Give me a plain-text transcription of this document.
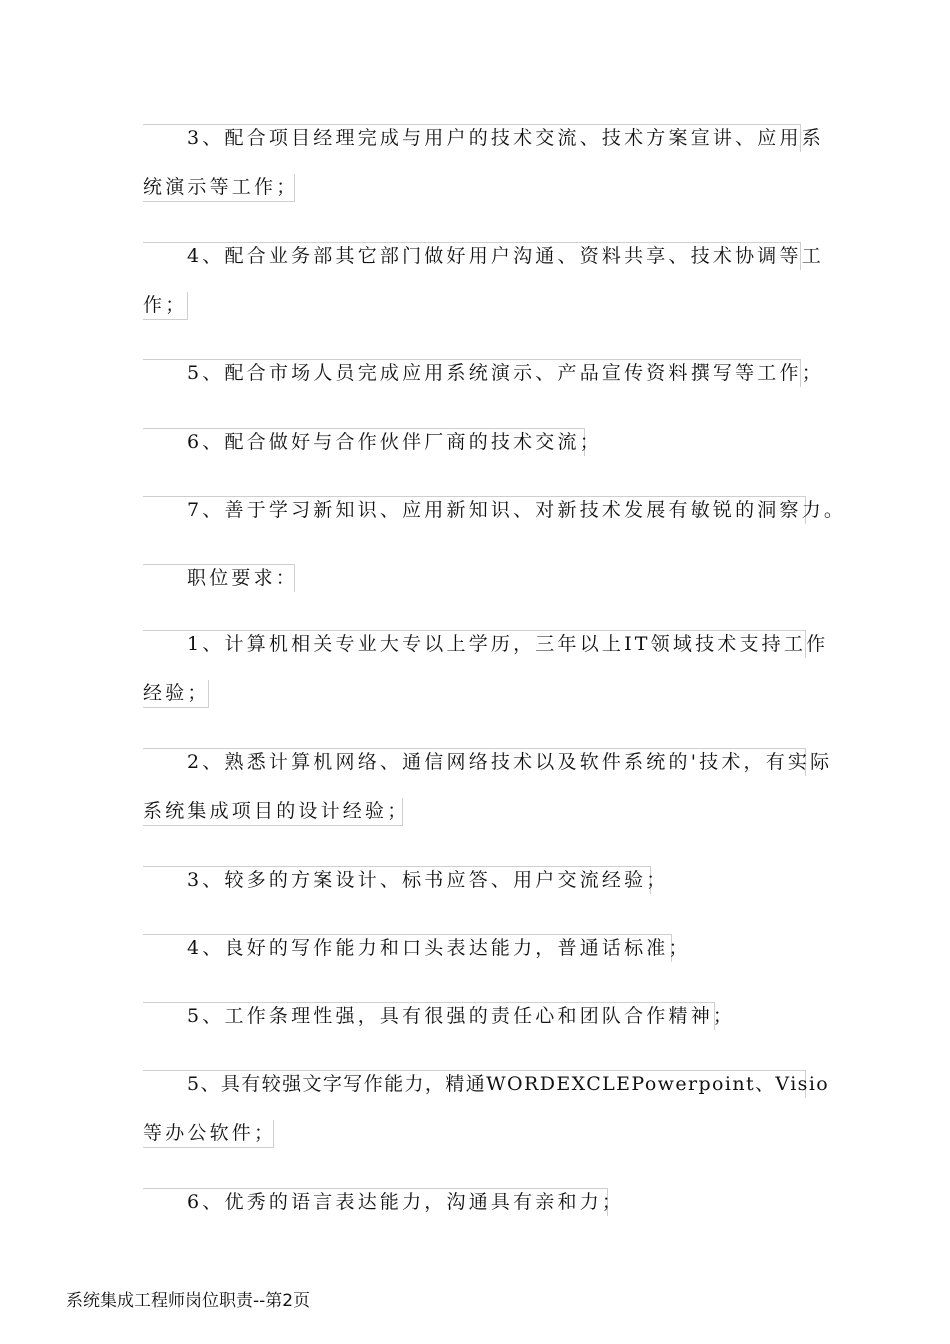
3、配合项目经理完成与用户的技术交流、技术方案宣讲、应用系
统演示等工作；
4、配合业务部其它部门做好用户沟通、资料共享、技术协调等工
作；
5、配合市场人员完成应用系统演示、产品宣传资料撰写等工作；
6、配合做好与合作伙伴厂商的技术交流；
7、善于学习新知识、应用新知识、对新技术发展有敏锐的洞察力。
职位要求：
1、计算机相关专业大专以上学历，三年以上IT领域技术支持工作
经验；
2、熟悉计算机网络、通信网络技术以及软件系统的'技术，有实际
系统集成项目的设计经验；
3、较多的方案设计、标书应答、用户交流经验；
4、良好的写作能力和口头表达能力，普通话标准；
5、工作条理性强，具有很强的责任心和团队合作精神；
5、具有较强文字写作能力，精通WORDEXCLEPowerpoint、Visio
等办公软件；
6、优秀的语言表达能力，沟通具有亲和力；
系统集成工程师岗位职责--第2页
